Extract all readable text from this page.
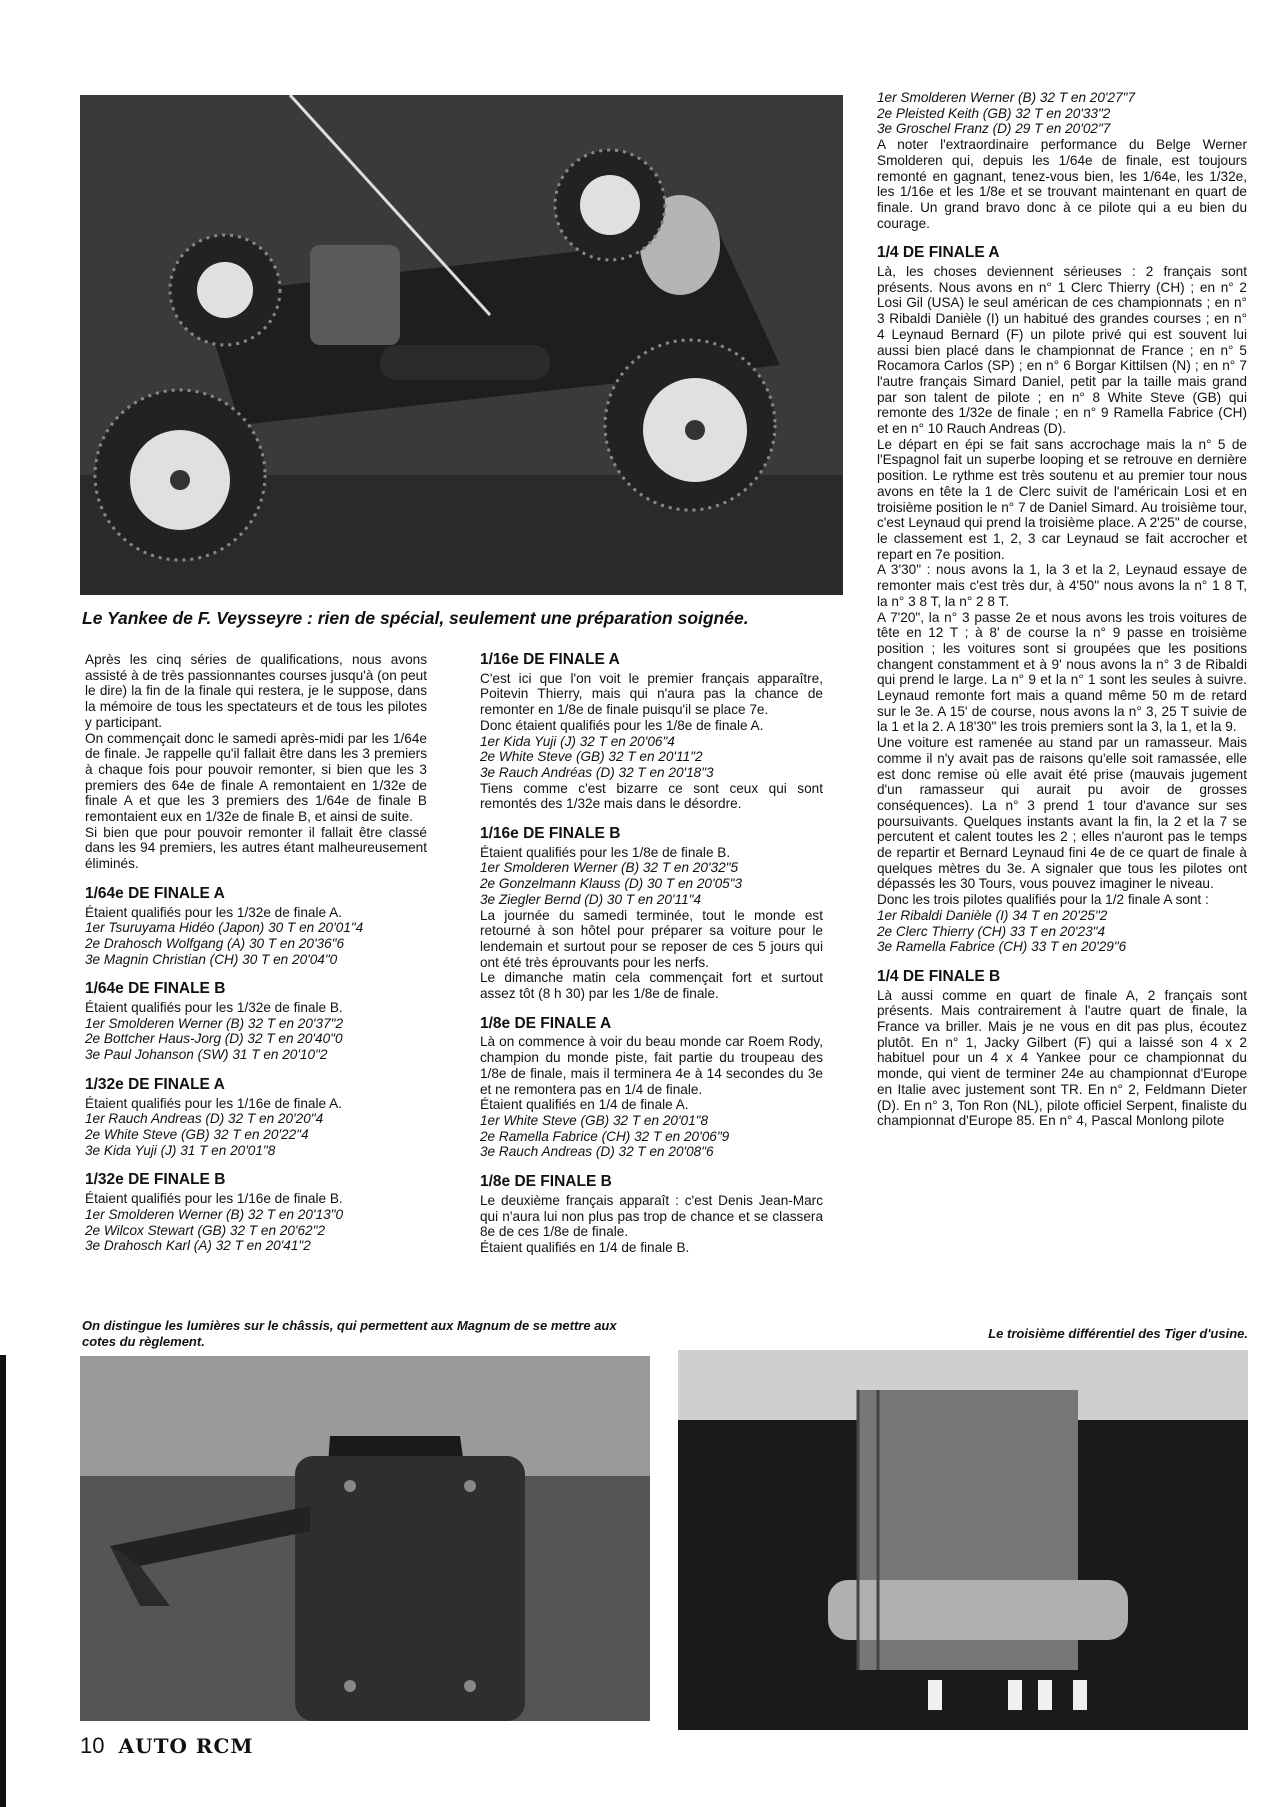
Le Yankee de F. Veysseyre : rien de spécial, seulement une préparation soignée.

Après les cinq séries de qualifications, nous avons assisté à de très passionnantes courses jusqu'à (on peut le dire) la fin de la finale qui restera, je le suppose, dans la mémoire de tous les spectateurs et de tous les pilotes y participant.

On commençait donc le samedi après-midi par les 1/64e de finale. Je rappelle qu'il fallait être dans les 3 premiers à chaque fois pour pouvoir remonter, si bien que les 3 premiers des 64e de finale A remontaient en 1/32e de finale A et que les 3 premiers des 1/64e de finale B remontaient eux en 1/32e de finale B, et ainsi de suite.

Si bien que pour pouvoir remonter il fallait être classé dans les 94 premiers, les autres étant malheureusement éliminés.

1/64e DE FINALE A

Étaient qualifiés pour les 1/32e de finale A.

1er Tsuruyama Hidéo (Japon) 30 T en 20'01"4

2e Drahosch Wolfgang (A) 30 T en 20'36"6

3e Magnin Christian (CH) 30 T en 20'04"0

1/64e DE FINALE B

Étaient qualifiés pour les 1/32e de finale B.

1er Smolderen Werner (B) 32 T en 20'37"2

2e Bottcher Haus-Jorg (D) 32 T en 20'40"0

3e Paul Johanson (SW) 31 T en 20'10"2

1/32e DE FINALE A

Étaient qualifiés pour les 1/16e de finale A.

1er Rauch Andreas (D) 32 T en 20'20"4

2e White Steve (GB) 32 T en 20'22"4

3e Kida Yuji (J) 31 T en 20'01"8

1/32e DE FINALE B

Étaient qualifiés pour les 1/16e de finale B.

1er Smolderen Werner (B) 32 T en 20'13"0

2e Wilcox Stewart (GB) 32 T en 20'62"2

3e Drahosch Karl (A) 32 T en 20'41"2

1/16e DE FINALE A

C'est ici que l'on voit le premier français apparaître, Poitevin Thierry, mais qui n'aura pas la chance de remonter en 1/8e de finale puisqu'il se place 7e.

Donc étaient qualifiés pour les 1/8e de finale A.

1er Kida Yuji (J) 32 T en 20'06"4

2e White Steve (GB) 32 T en 20'11"2

3e Rauch Andréas (D) 32 T en 20'18"3

Tiens comme c'est bizarre ce sont ceux qui sont remontés des 1/32e mais dans le désordre.

1/16e DE FINALE B

Étaient qualifiés pour les 1/8e de finale B.

1er Smolderen Werner (B) 32 T en 20'32"5

2e Gonzelmann Klauss (D) 30 T en 20'05"3

3e Ziegler Bernd (D) 30 T en 20'11"4

La journée du samedi terminée, tout le monde est retourné à son hôtel pour préparer sa voiture pour le lendemain et surtout pour se reposer de ces 5 jours qui ont été très éprouvants pour les nerfs.

Le dimanche matin cela commençait fort et surtout assez tôt (8 h 30) par les 1/8e de finale.

1/8e DE FINALE A

Là on commence à voir du beau monde car Roem Rody, champion du monde piste, fait partie du troupeau des 1/8e de finale, mais il terminera 4e à 14 secondes du 3e et ne remontera pas en 1/4 de finale.

Étaient qualifiés en 1/4 de finale A.

1er White Steve (GB) 32 T en 20'01"8

2e Ramella Fabrice (CH) 32 T en 20'06"9

3e Rauch Andreas (D) 32 T en 20'08"6

1/8e DE FINALE B

Le deuxième français apparaît : c'est Denis Jean-Marc qui n'aura lui non plus pas trop de chance et se classera 8e de ces 1/8e de finale.

Étaient qualifiés en 1/4 de finale B.

1er Smolderen Werner (B) 32 T en 20'27"7

2e Pleisted Keith (GB) 32 T en 20'33"2

3e Groschel Franz (D) 29 T en 20'02"7

A noter l'extraordinaire performance du Belge Werner Smolderen qui, depuis les 1/64e de finale, est toujours remonté en gagnant, tenez-vous bien, les 1/64e, les 1/32e, les 1/16e et les 1/8e et se trouvant maintenant en quart de finale. Un grand bravo donc à ce pilote qui a eu bien du courage.

1/4 DE FINALE A

Là, les choses deviennent sérieuses : 2 français sont présents. Nous avons en n° 1 Clerc Thierry (CH) ; en n° 2 Losi Gil (USA) le seul américan de ces championnats ; en n° 3 Ribaldi Danièle (I) un habitué des grandes courses ; en n° 4 Leynaud Bernard (F) un pilote privé qui est souvent lui aussi bien placé dans le championnat de France ; en n° 5 Rocamora Carlos (SP) ; en n° 6 Borgar Kittilsen (N) ; en n° 7 l'autre français Simard Daniel, petit par la taille mais grand par son talent de pilote ; en n° 8 White Steve (GB) qui remonte des 1/32e de finale ; en n° 9 Ramella Fabrice (CH) et en n° 10 Rauch Andreas (D).

Le départ en épi se fait sans accrochage mais la n° 5 de l'Espagnol fait un superbe looping et se retrouve en dernière position. Le rythme est très soutenu et au premier tour nous avons en tête la 1 de Clerc suivit de l'américain Losi et en troisième position le n° 7 de Daniel Simard. Au troisième tour, c'est Leynaud qui prend la troisième place. A 2'25" de course, le classement est 1, 2, 3 car Leynaud se fait accrocher et repart en 7e position.

A 3'30" : nous avons la 1, la 3 et la 2, Leynaud essaye de remonter mais c'est très dur, à 4'50" nous avons la n° 1 8 T, la n° 3 8 T, la n° 2 8 T.

A 7'20", la n° 3 passe 2e et nous avons les trois voitures de tête en 12 T ; à 8' de course la n° 9 passe en troisième position ; les voitures sont si groupées que les positions changent constamment et à 9' nous avons la n° 3 de Ribaldi qui prend le large. La n° 9 et la n° 1 sont les seules à suivre. Leynaud remonte fort mais a quand même 50 m de retard sur le 3e. A 15' de course, nous avons la n° 3, 25 T suivie de la 1 et la 2. A 18'30" les trois premiers sont la 3, la 1, et la 9.

Une voiture est ramenée au stand par un ramasseur. Mais comme il n'y avait pas de raisons qu'elle soit ramassée, elle est donc remise où elle avait été prise (mauvais jugement d'un ramasseur qui aurait pu avoir de grosses conséquences). La n° 3 prend 1 tour d'avance sur ses poursuivants. Quelques instants avant la fin, la 2 et la 7 se percutent et calent toutes les 2 ; elles n'auront pas le temps de repartir et Bernard Leynaud fini 4e de ce quart de finale à quelques mètres du 3e. A signaler que tous les pilotes ont dépassés les 30 Tours, vous pouvez imaginer le niveau.

Donc les trois pilotes qualifiés pour la 1/2 finale A sont :

1er Ribaldi Danièle (I) 34 T en 20'25"2

2e Clerc Thierry (CH) 33 T en 20'23"4

3e Ramella Fabrice (CH) 33 T en 20'29"6

1/4 DE FINALE B

Là aussi comme en quart de finale A, 2 français sont présents. Mais contrairement à l'autre quart de finale, la France va briller. Mais je ne vous en dit pas plus, écoutez plutôt. En n° 1, Jacky Gilbert (F) qui a laissé son 4 x 2 habituel pour un 4 x 4 Yankee pour ce championnat du monde, qui vient de terminer 24e au championnat d'Europe en Italie avec justement sont TR. En n° 2, Feldmann Dieter (D). En n° 3, Ton Ron (NL), pilote officiel Serpent, finaliste du championnat d'Europe 85. En n° 4, Pascal Monlong pilote

On distingue les lumières sur le châssis, qui permettent aux Magnum de se mettre aux cotes du règlement.
Le troisième différentiel des Tiger d'usine.
10 AUTO RCM
